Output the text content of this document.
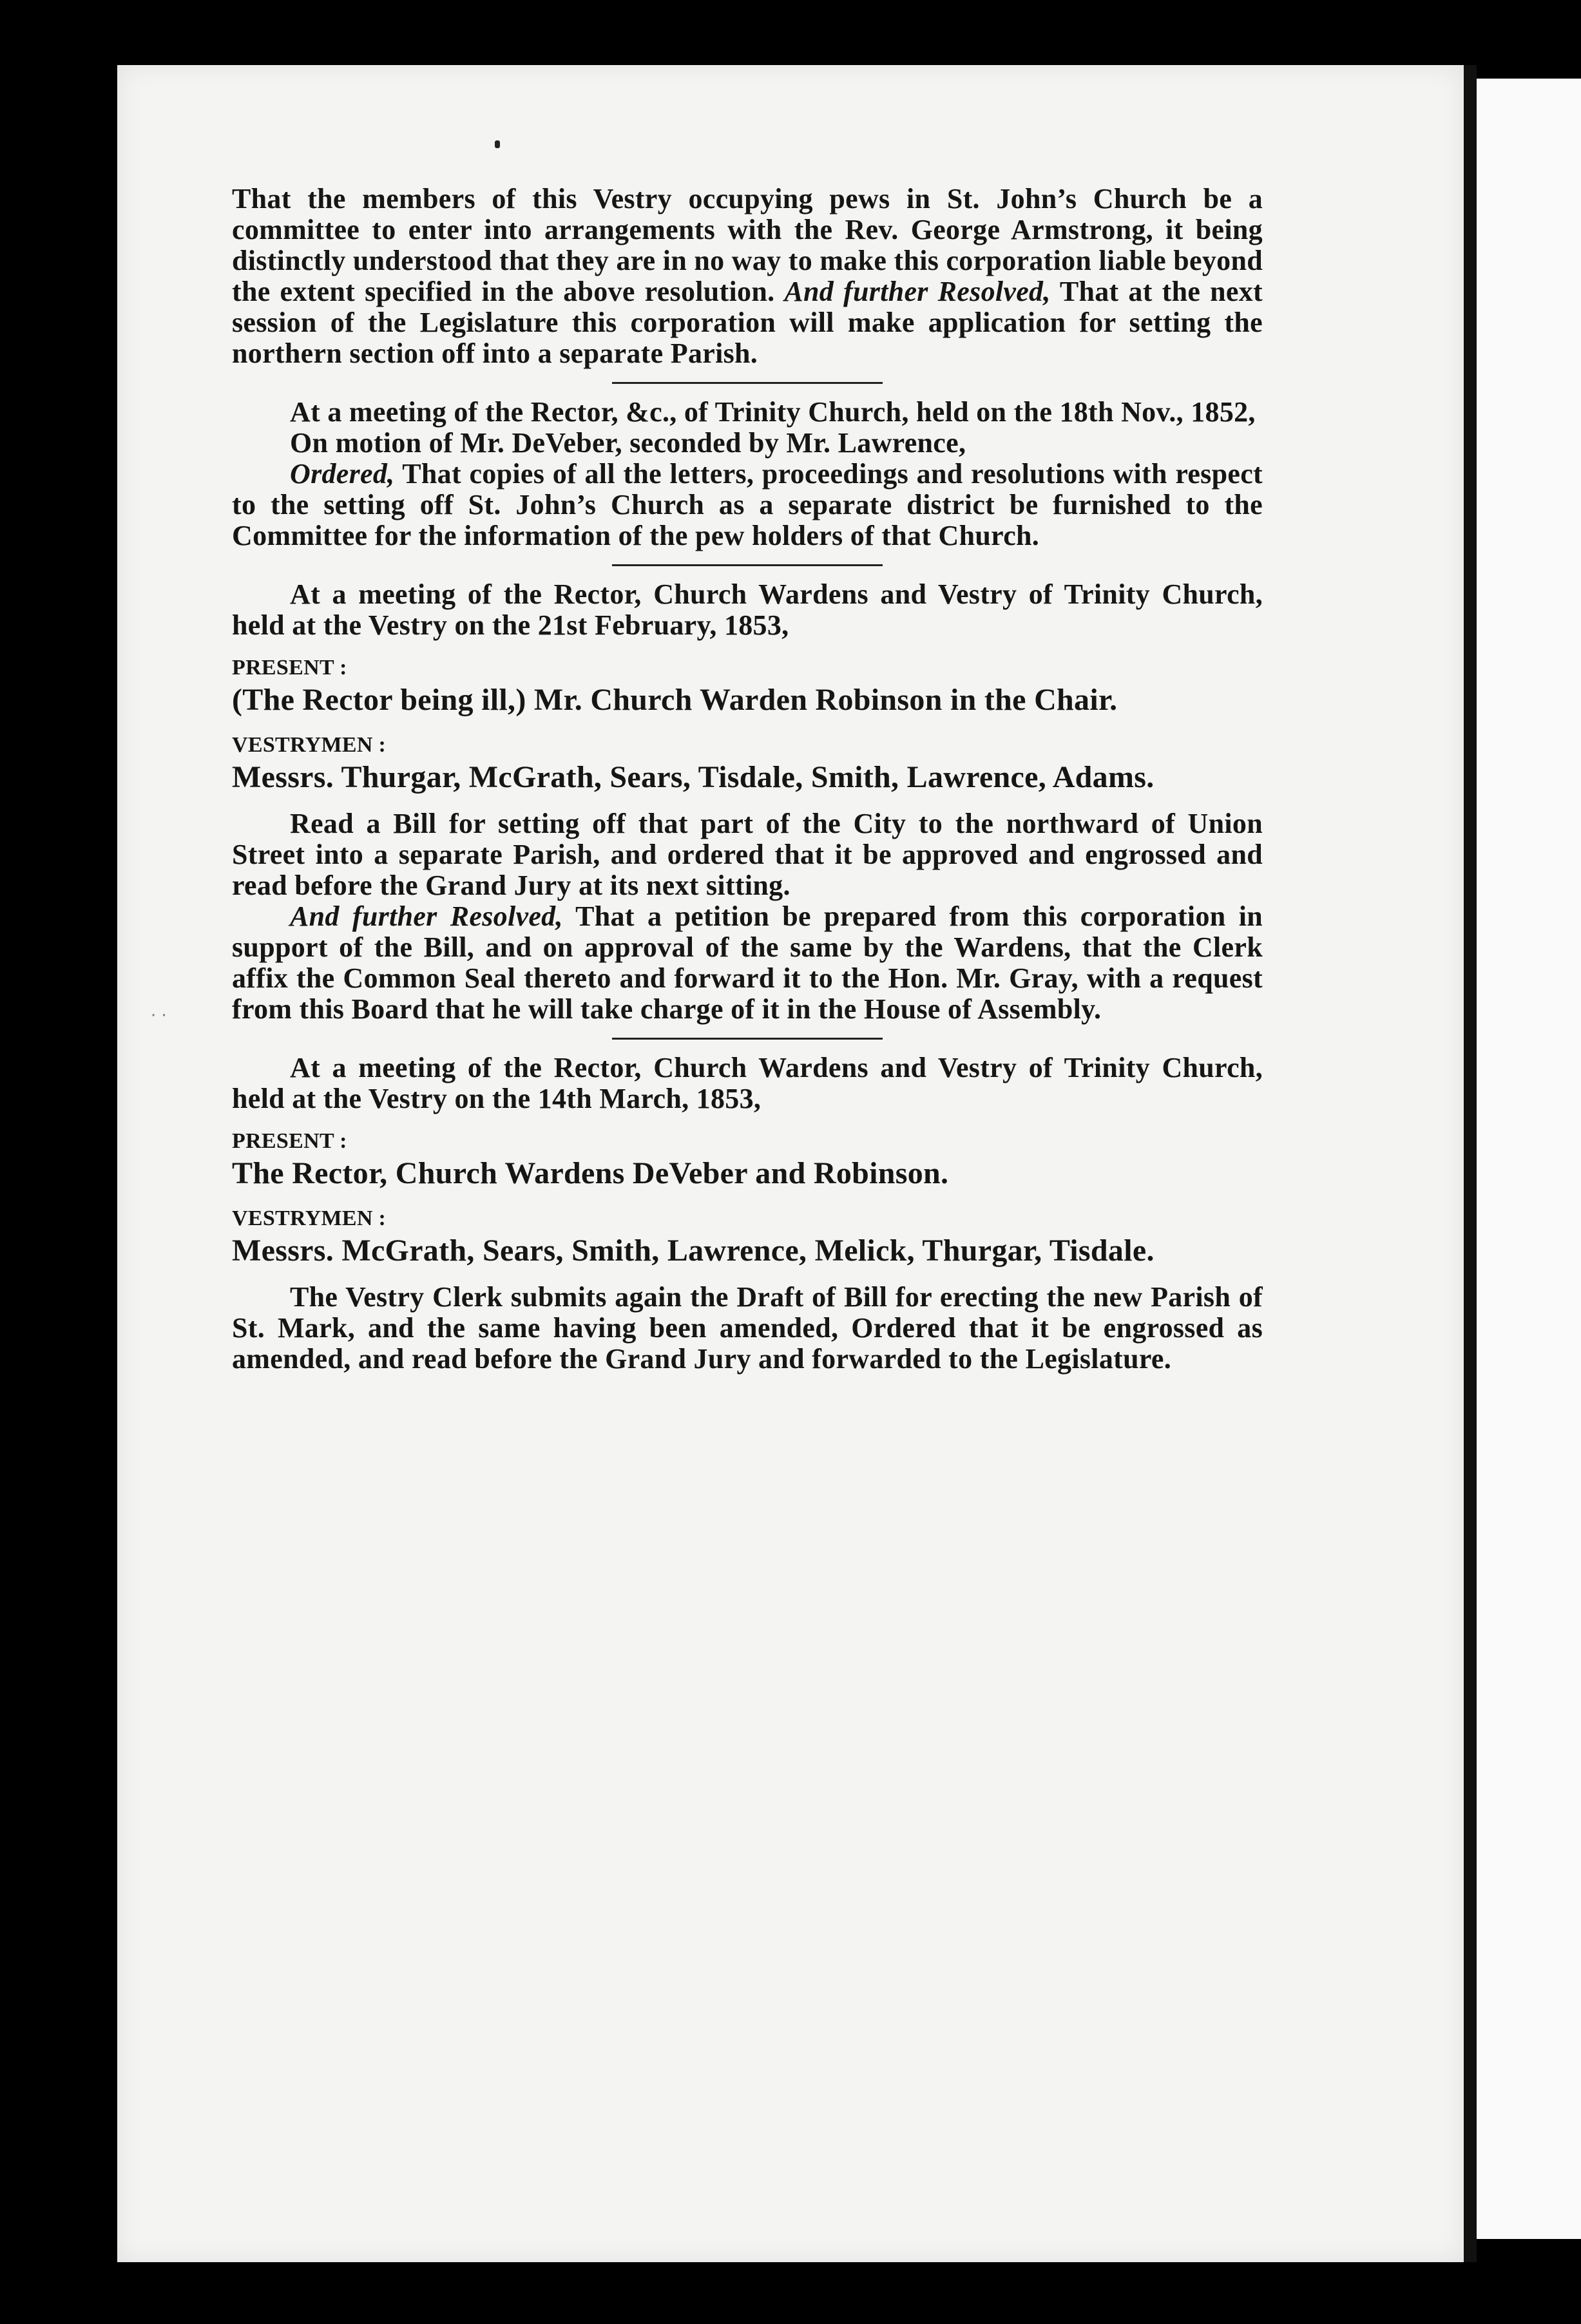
· ·

That the members of this Vestry occupying pews in St. John’s Church be a committee to enter into arrangements with the Rev. George Armstrong, it being distinctly understood that they are in no way to make this corporation liable beyond the extent specified in the above resolution. And further Resolved, That at the next session of the Legislature this corporation will make application for setting the northern section off into a separate Parish.

At a meeting of the Rector, &c., of Trinity Church, held on the 18th Nov., 1852,

On motion of Mr. DeVeber, seconded by Mr. Lawrence,

Ordered, That copies of all the letters, proceedings and resolutions with respect to the setting off St. John’s Church as a separate district be furnished to the Committee for the information of the pew holders of that Church.

At a meeting of the Rector, Church Wardens and Vestry of Trinity Church, held at the Vestry on the 21st February, 1853,

PRESENT :

(The Rector being ill,) Mr. Church Warden Robinson in the Chair.

VESTRYMEN :

Messrs. Thurgar, McGrath, Sears, Tisdale, Smith, Lawrence, Adams.

Read a Bill for setting off that part of the City to the northward of Union Street into a separate Parish, and ordered that it be approved and engrossed and read before the Grand Jury at its next sitting.

And further Resolved, That a petition be prepared from this corporation in support of the Bill, and on approval of the same by the Wardens, that the Clerk affix the Common Seal thereto and forward it to the Hon. Mr. Gray, with a request from this Board that he will take charge of it in the House of Assembly.

At a meeting of the Rector, Church Wardens and Vestry of Trinity Church, held at the Vestry on the 14th March, 1853,

PRESENT :

The Rector, Church Wardens DeVeber and Robinson.

VESTRYMEN :

Messrs. McGrath, Sears, Smith, Lawrence, Melick, Thurgar, Tisdale.

The Vestry Clerk submits again the Draft of Bill for erecting the new Parish of St. Mark, and the same having been amended, Ordered that it be engrossed as amended, and read before the Grand Jury and forwarded to the Legislature.
